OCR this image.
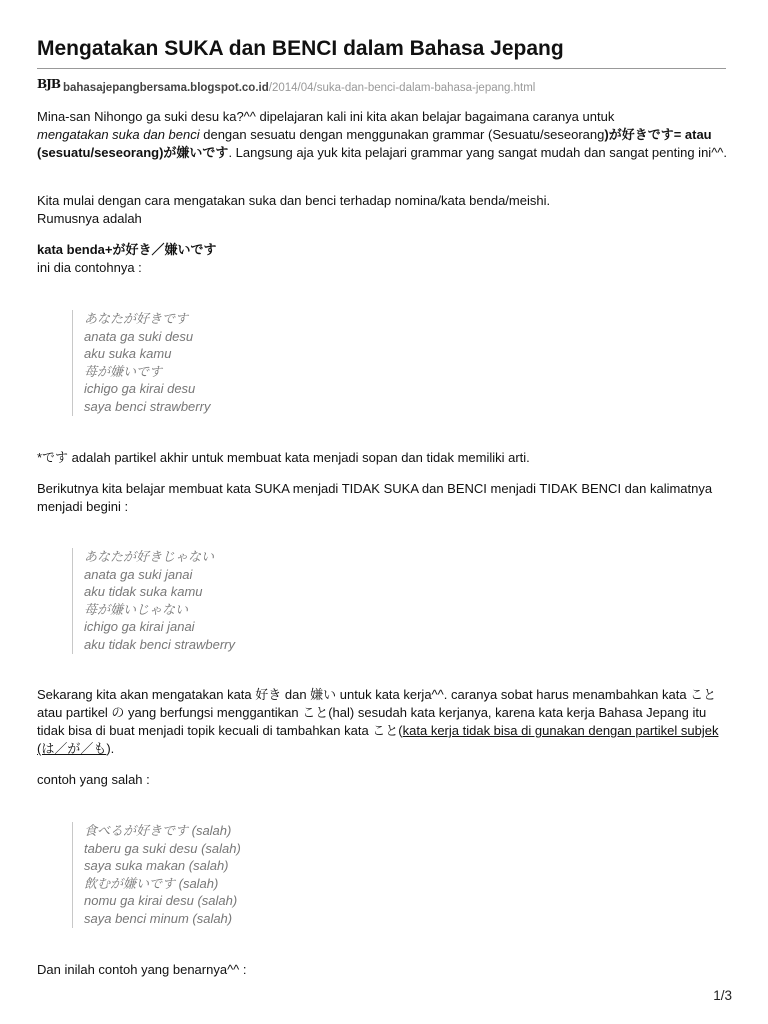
Mengatakan SUKA dan BENCI dalam Bahasa Jepang
BJB bahasajepangbersama.blogspot.co.id/2014/04/suka-dan-benci-dalam-bahasa-jepang.html

Mina-san Nihongo ga suki desu ka?^^ dipelajaran kali ini kita akan belajar bagaimana caranya untuk
mengatakan suka dan benci dengan sesuatu dengan menggunakan grammar (Sesuatu/seseorang)が好きです= atau (sesuatu/seseorang)が嫌いです. Langsung aja yuk kita pelajari grammar yang sangat mudah dan sangat penting ini^^.

Kita mulai dengan cara mengatakan suka dan benci terhadap nomina/kata benda/meishi.
Rumusnya adalah

kata benda+が好き／嫌いです
ini dia contohnya :

あなたが好きです
anata ga suki desu
aku suka kamu
苺が嫌いです
ichigo ga kirai desu
saya benci strawberry

*です adalah partikel akhir untuk membuat kata menjadi sopan dan tidak memiliki arti.

Berikutnya kita belajar membuat kata SUKA menjadi TIDAK SUKA dan BENCI menjadi TIDAK BENCI dan kalimatnya menjadi begini :

あなたが好きじゃない
anata ga suki janai
aku tidak suka kamu
苺が嫌いじゃない
ichigo ga kirai janai
aku tidak benci strawberry

Sekarang kita akan mengatakan kata 好き dan 嫌い untuk kata kerja^^. caranya sobat harus menambahkan kata こと atau partikel の yang berfungsi menggantikan こと(hal) sesudah kata kerjanya, karena kata kerja Bahasa Jepang itu tidak bisa di buat menjadi topik kecuali di tambahkan kata こと(kata kerja tidak bisa di gunakan dengan partikel subjek (は／が／も).

contoh yang salah :

食べるが好きです (salah)
taberu ga suki desu (salah)
saya suka makan (salah)
飲むが嫌いです (salah)
nomu ga kirai desu (salah)
saya benci minum (salah)

Dan inilah contoh yang benarnya^^ :

1/3
